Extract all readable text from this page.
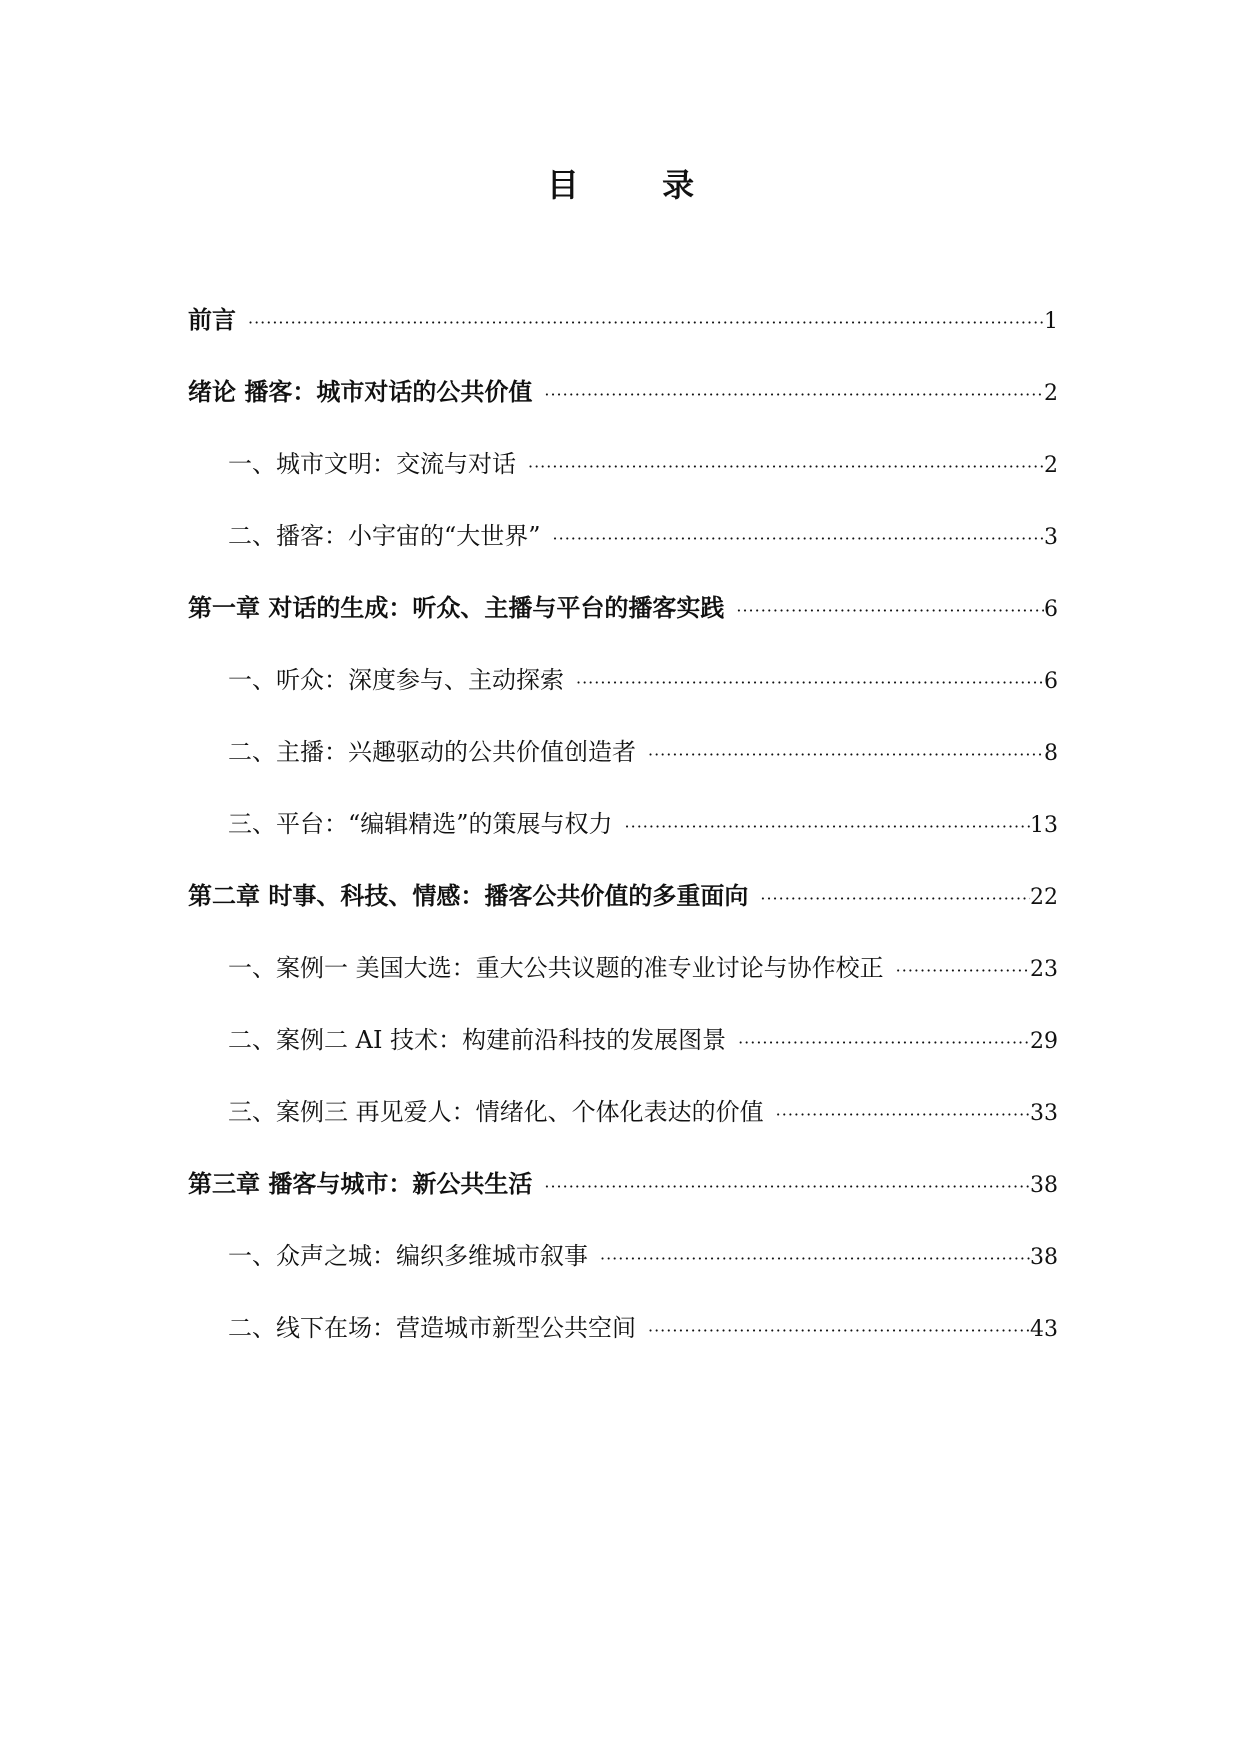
目 录
前言 ·····	1
绪论 播客：城市对话的公共价值 ·····	2
一、城市文明：交流与对话 ·····	2
二、播客：小宇宙的“大世界” ·····	3
第一章 对话的生成：听众、主播与平台的播客实践 ·····	6
一、听众：深度参与、主动探索 ·····	6
二、主播：兴趣驱动的公共价值创造者 ·····	8
三、平台：“编辑精选”的策展与权力 ·····	13
第二章 时事、科技、情感：播客公共价值的多重面向 ·····	22
一、案例一 美国大选：重大公共议题的准专业讨论与协作校正 ·····	23
二、案例二 AI 技术：构建前沿科技的发展图景 ·····	29
三、案例三 再见爱人：情绪化、个体化表达的价值 ·····	33
第三章 播客与城市：新公共生活 ·····	38
一、众声之城：编织多维城市叙事 ·····	38
二、线下在场：营造城市新型公共空间 ·····	43
